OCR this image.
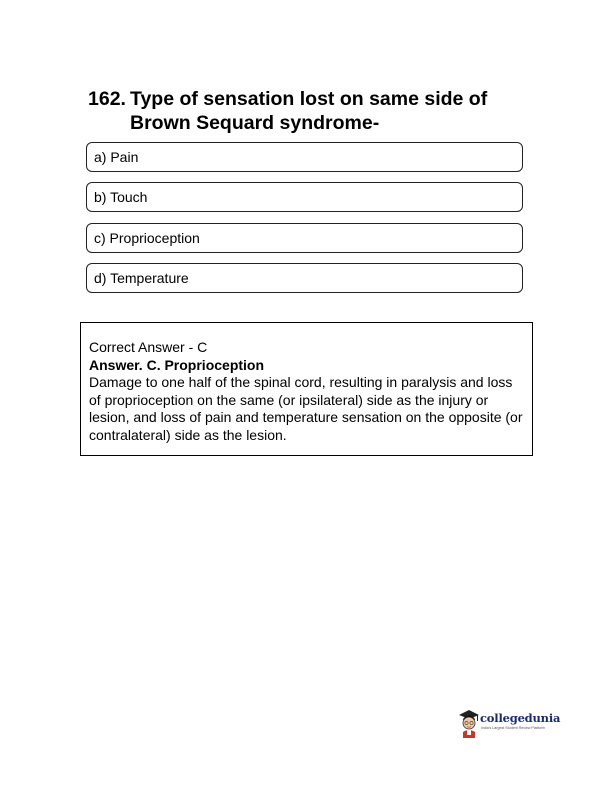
162. Type of sensation lost on same side of
Brown Sequard syndrome-
a) Pain
b) Touch
c) Proprioception
d) Temperature
Correct Answer - C
Answer. C. Proprioception
Damage to one half of the spinal cord, resulting in paralysis and loss of proprioception on the same (or ipsilateral) side as the injury or lesion, and loss of pain and temperature sensation on the opposite (or contralateral) side as the lesion.
collegedunia
India's Largest Student Review Platform
